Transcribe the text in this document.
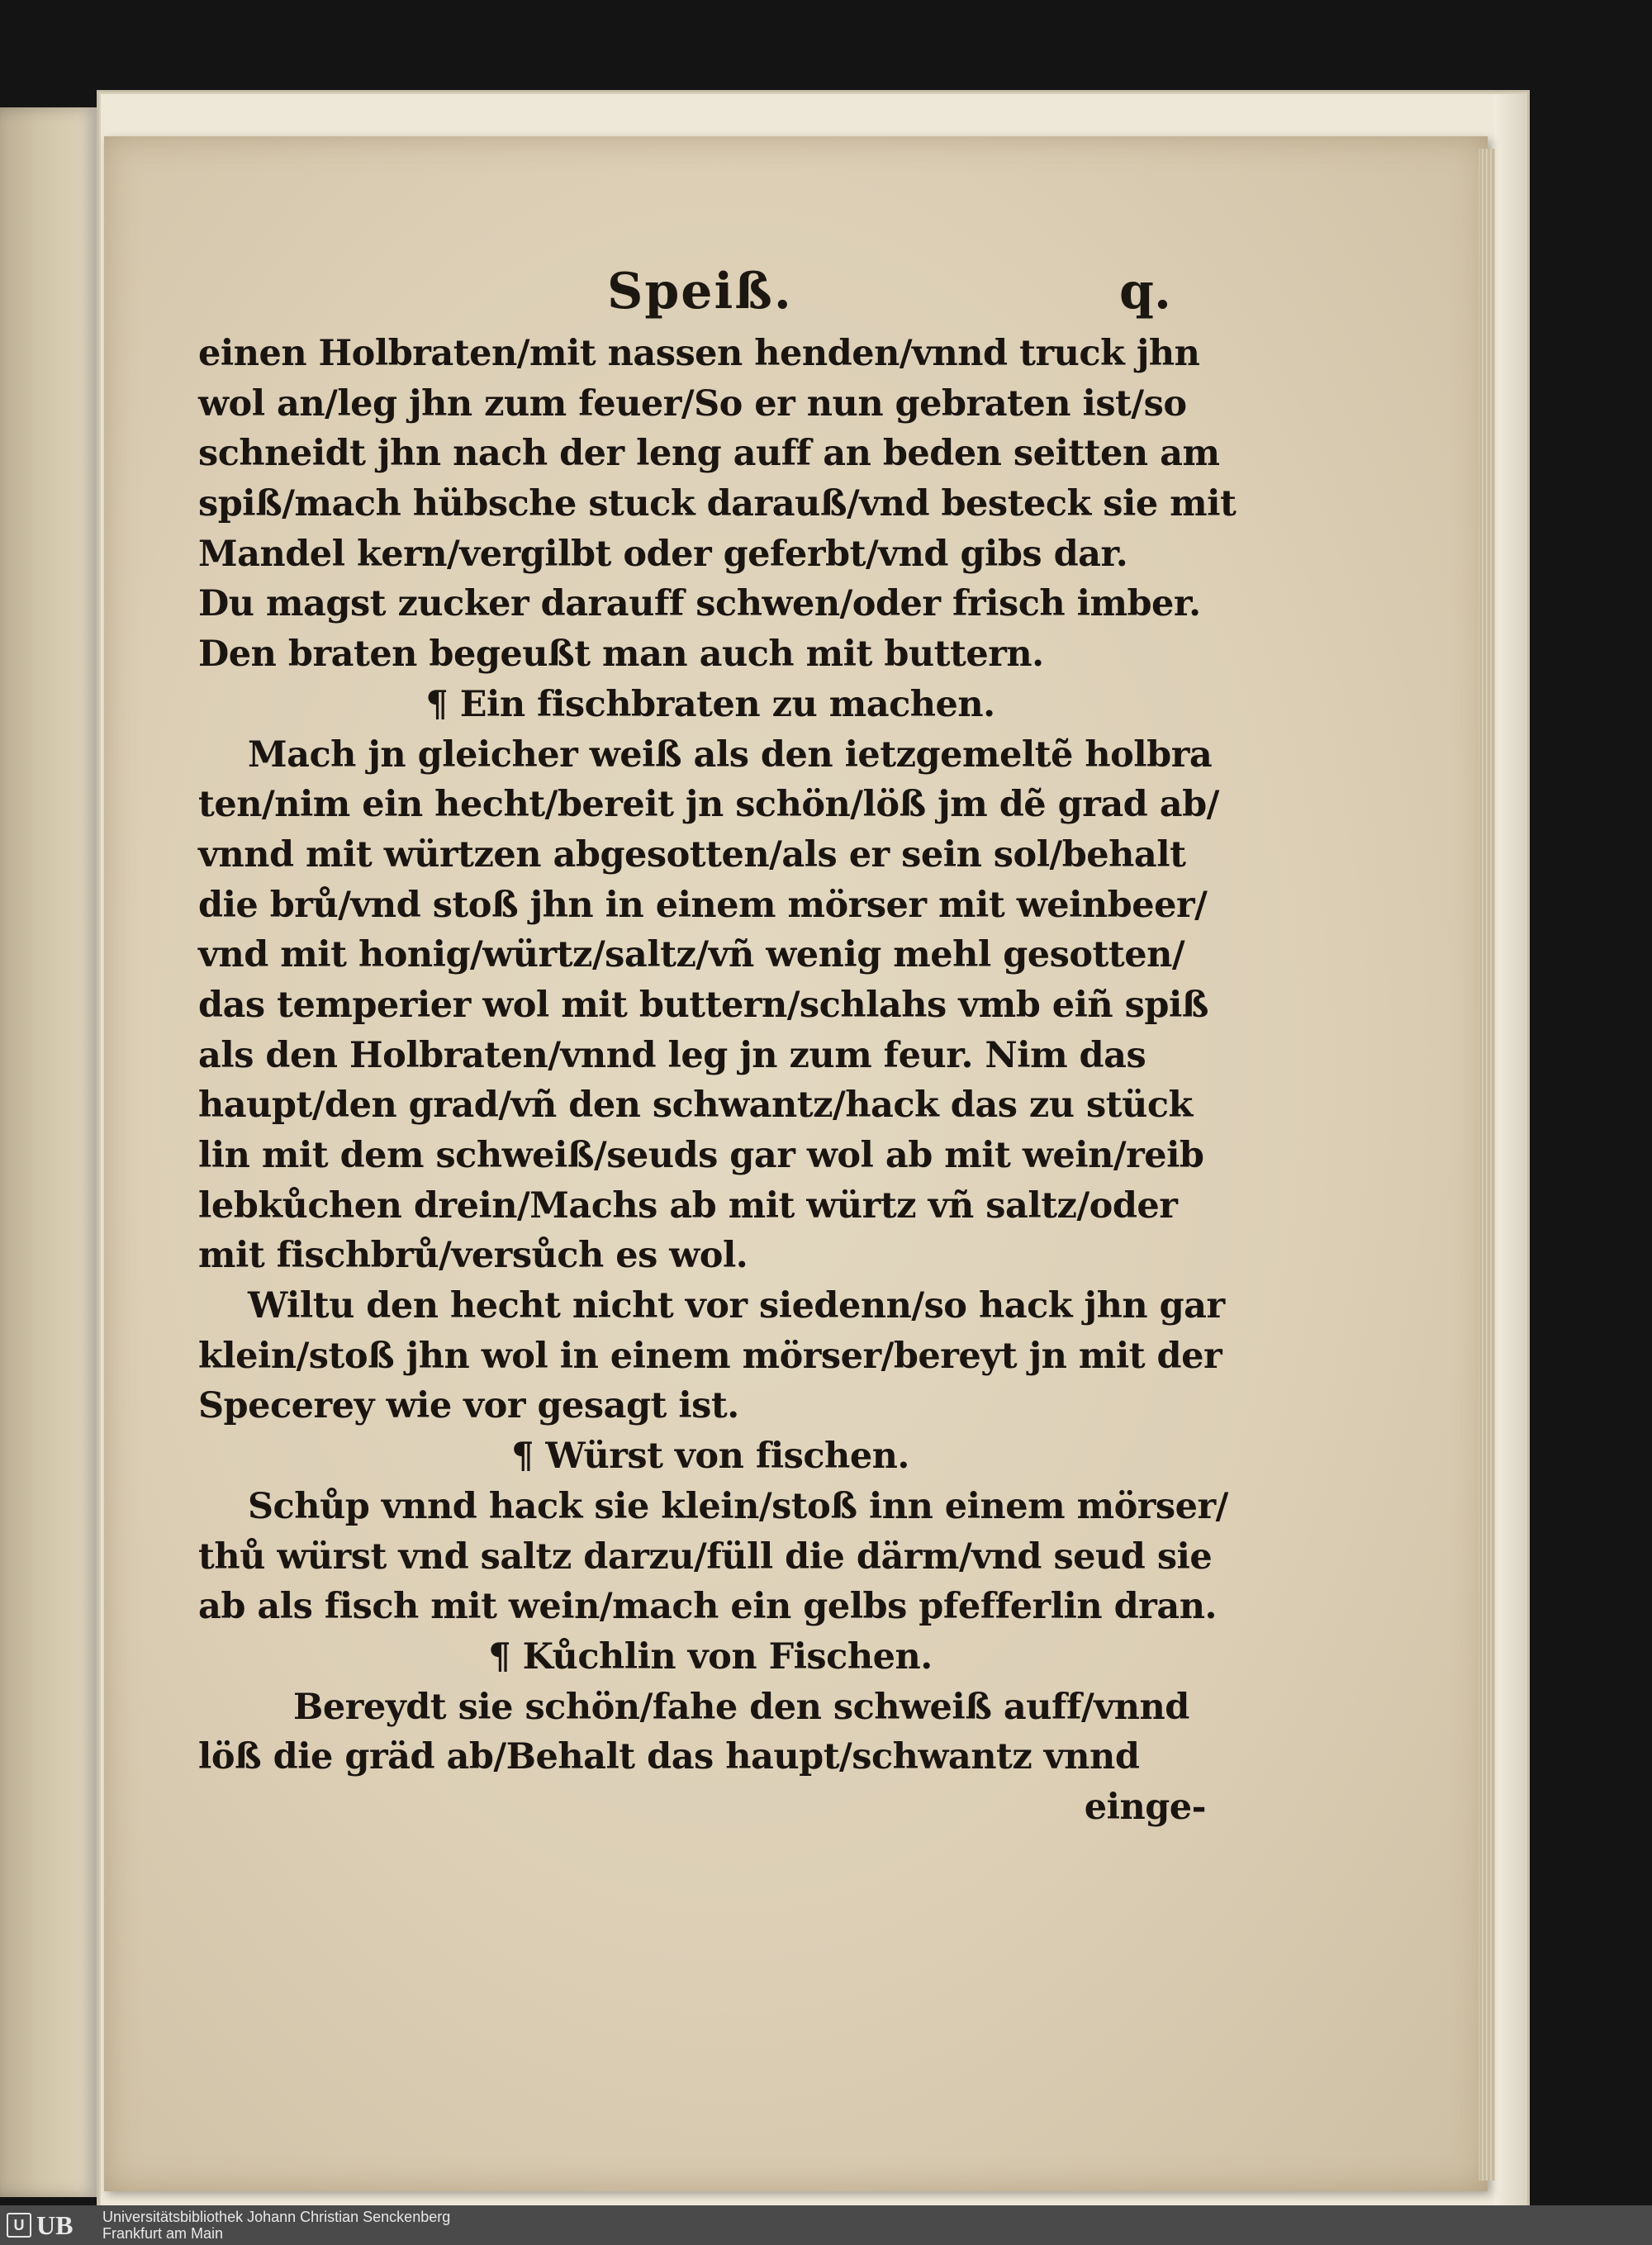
Speiß.	q.
einen Holbraten/mit nassen henden/vnnd truck jhn
wol an/leg jhn zum feuer/So er nun gebraten ist/so
schneidt jhn nach der leng auff an beden seitten am
spiß/mach hübsche stuck darauß/vnd besteck sie mit
Mandel kern/vergilbt oder geferbt/vnd gibs dar.
Du magst zucker darauff schwen/oder frisch imber.
Den braten begeußt man auch mit buttern.
¶ Ein fischbraten zu machen.
Mach jn gleicher weiß als den ietzgemeltẽ holbra
ten/nim ein hecht/bereit jn schön/löß jm dẽ grad ab/
vnnd mit würtzen abgesotten/als er sein sol/behalt
die brů/vnd stoß jhn in einem mörser mit weinbeer/
vnd mit honig/würtz/saltz/vñ wenig mehl gesotten/
das temperier wol mit buttern/schlahs vmb eiñ spiß
als den Holbraten/vnnd leg jn zum feur. Nim das
haupt/den grad/vñ den schwantz/hack das zu stück
lin mit dem schweiß/seuds gar wol ab mit wein/reib
lebkůchen drein/Machs ab mit würtz vñ saltz/oder
mit fischbrů/versůch es wol.
Wiltu den hecht nicht vor siedenn/so hack jhn gar
klein/stoß jhn wol in einem mörser/bereyt jn mit der
Specerey wie vor gesagt ist.
¶ Würst von fischen.
Schůp vnnd hack sie klein/stoß inn einem mörser/
thů würst vnd saltz darzu/füll die därm/vnd seud sie
ab als fisch mit wein/mach ein gelbs pfefferlin dran.
¶ Kůchlin von Fischen.
Bereydt sie schön/fahe den schweiß auff/vnnd
löß die gräd ab/Behalt das haupt/schwantz vnnd
einge-
U UB Universitätsbibliothek Johann Christian Senckenberg
Frankfurt am Main
